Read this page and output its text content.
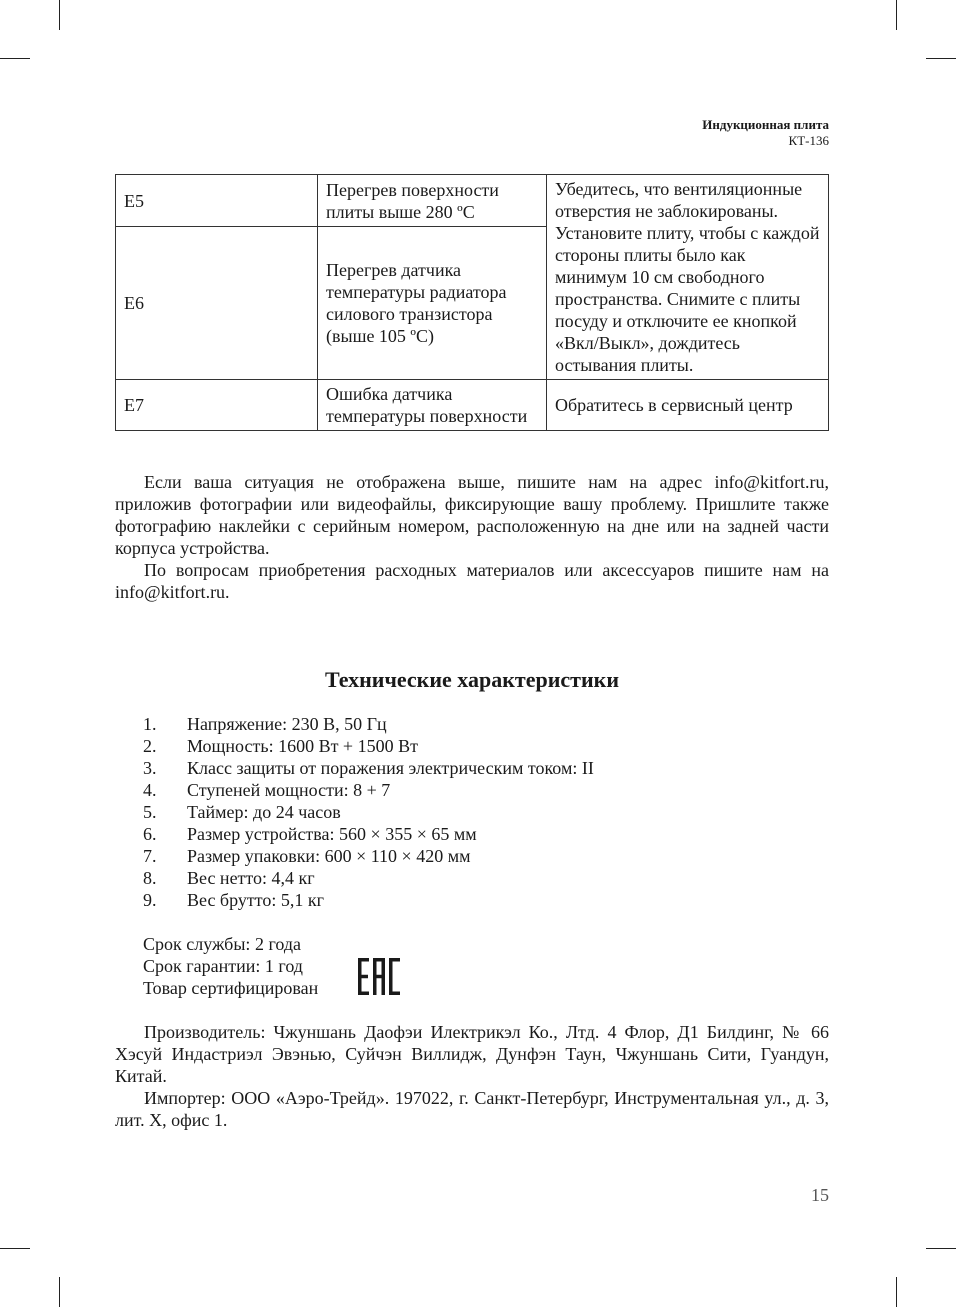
Индукционная плита
КТ-136
E5	Перегрев поверхности плиты выше 280 ºС	Убедитесь, что вентиляционные отверстия не заблокированы. Установите плиту, чтобы с каждой стороны плиты было как минимум 10 см свободного пространства. Снимите с плиты посуду и отключите ее кнопкой «Вкл/Выкл», дождитесь остывания плиты.
E6	Перегрев датчика температуры радиатора силового транзистора (выше 105 ºС)	
E7	Ошибка датчика температуры поверхности	Обратитесь в сервисный центр

Если ваша ситуация не отображена выше, пишите нам на адрес info@kitfort.ru, приложив фотографии или видеофайлы, фиксирующие вашу проблему. Пришлите также фотографию наклейки с серийным номером, расположенную на дне или на задней части корпуса устройства.

По вопросам приобретения расходных материалов или аксессуаров пишите нам на info@kitfort.ru.

Технические характеристики
1.	Напряжение: 230 В, 50 Гц
2.	Мощность: 1600 Вт + 1500 Вт
3.	Класс защиты от поражения электрическим током: II
4.	Ступеней мощности: 8 + 7
5.	Таймер: до 24 часов
6.	Размер устройства: 560 × 355 × 65 мм
7.	Размер упаковки: 600 × 110 × 420 мм
8.	Вес нетто: 4,4 кг
9.	Вес брутто: 5,1 кг
Срок службы: 2 года
Срок гарантии: 1 год
Товар сертифицирован

Производитель: Чжуншань Даофэи Илектрикэл Ко., Лтд. 4 Флор, Д1 Билдинг, № 66 Хэсуй Индастриэл Эвэнью, Суйчэн Виллидж, Дунфэн Таун, Чжуншань Сити, Гуандун, Китай.

Импортер: ООО «Аэро-Трейд». 197022, г. Санкт-Петербург, Инструментальная ул., д. 3, лит. Х, офис 1.

15
